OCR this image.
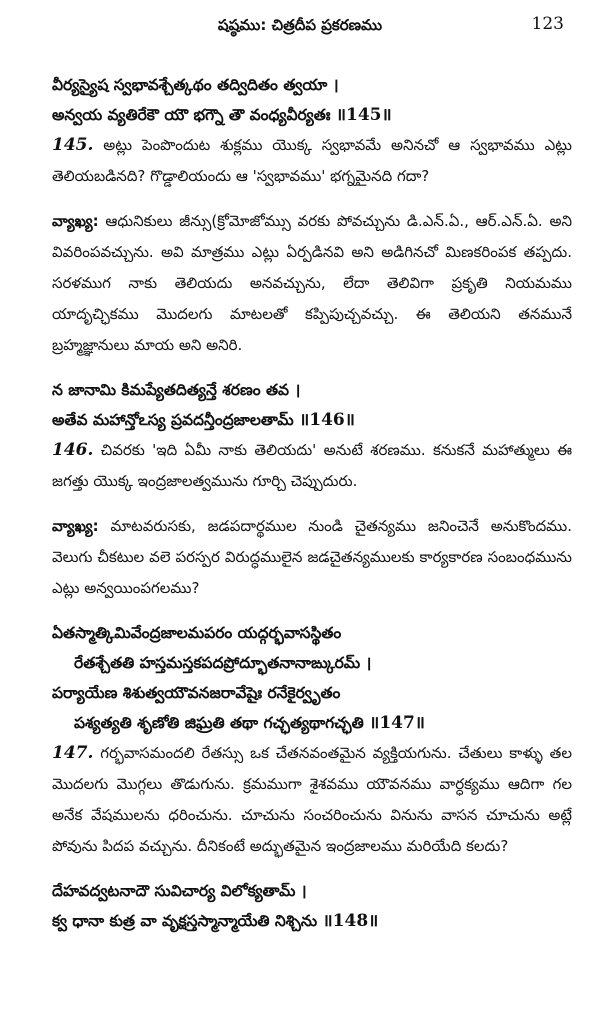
షష్ఠము: చిత్రదీప ప్రకరణము	123

వీర్యస్యైష స్వభావశ్చేత్కథం తద్విదితం త్వయా ।

అన్వయ వ్యతిరేకౌ యౌ భగ్నౌ తౌ వంధ్యవీర్యతః ॥145॥

145. అట్లు పెంపొందుట శుక్లము యొక్క స్వభావమే అనినచో ఆ స్వభావము ఎట్లు తెలియబడినది? గొడ్డాలియందు ఆ 'స్వభావము' భగ్నమైనది గదా?

వ్యాఖ్య: ఆధునికులు జీన్సు(క్రోమోజోమ్సు వరకు పోవచ్చును డి.ఎన్.ఏ., ఆర్.ఎన్.ఏ. అని వివరింపవచ్చును. అవి మాత్రము ఎట్లు ఏర్పడినవి అని అడిగినచో మిణకరింపక తప్పదు. సరళముగ నాకు తెలియదు అనవచ్చును, లేదా తెలివిగా ప్రకృతి నియమము యాదృచ్ఛికము మొదలగు మాటలతో కప్పిపుచ్చవచ్చు. ఈ తెలియని తనమునే బ్రహ్మజ్ఞానులు మాయ అని అనిరి.

న జానామి కిమప్యేతదిత్యన్తే శరణం తవ ।

అతేవ మహాన్తోఽస్య ప్రవదన్తీంద్రజాలతామ్ ॥146॥

146. చివరకు 'ఇది ఏమీ నాకు తెలియదు' అనుటే శరణము. కనుకనే మహాత్ములు ఈ జగత్తు యొక్క ఇంద్రజాలత్వమును గూర్చి చెప్పుదురు.

వ్యాఖ్య: మాటవరుసకు, జడపదార్థముల నుండి చైతన్యము జనించెనే అనుకొందము. వెలుగు చీకటుల వలె పరస్పర విరుద్ధములైన జడచైతన్యములకు కార్యకారణ సంబంధమును ఎట్లు అన్వయింపగలము?

ఏతస్మాత్కిమివేంద్రజాలమపరం యద్గర్భవాసస్థితం

రేతశ్చేతతి హస్తమస్తకపదప్రోద్భూతనానాఙ్కురమ్ ।

పర్యాయేణ శిశుత్వయౌవనజరావేషైః రనేకైర్వృతం

పశ్యత్యతి శృణోతి జిఘ్రతి తథా గచ్ఛత్యథాగచ్ఛతి ॥147॥

147. గర్భవాసమందలి రేతస్సు ఒక చేతనవంతమైన వ్యక్తియగును. చేతులు కాళ్ళు తల మొదలగు మొగ్గలు తొడుగును. క్రమముగా శైశవము యౌవనము వార్ధక్యము ఆదిగా గల అనేక వేషములను ధరించును. చూచును సంచరించును వినును వాసన చూచును అట్లే పోవును పిదప వచ్చును. దీనికంటే అద్భుతమైన ఇంద్రజాలము మరియేది కలదు?

దేహవద్వటనాదౌ సువిచార్య విలోక్యతామ్ ।

క్వ ధానా కుత్ర వా వృక్షస్తస్మాన్మాయేతి నిశ్చిను ॥148॥
